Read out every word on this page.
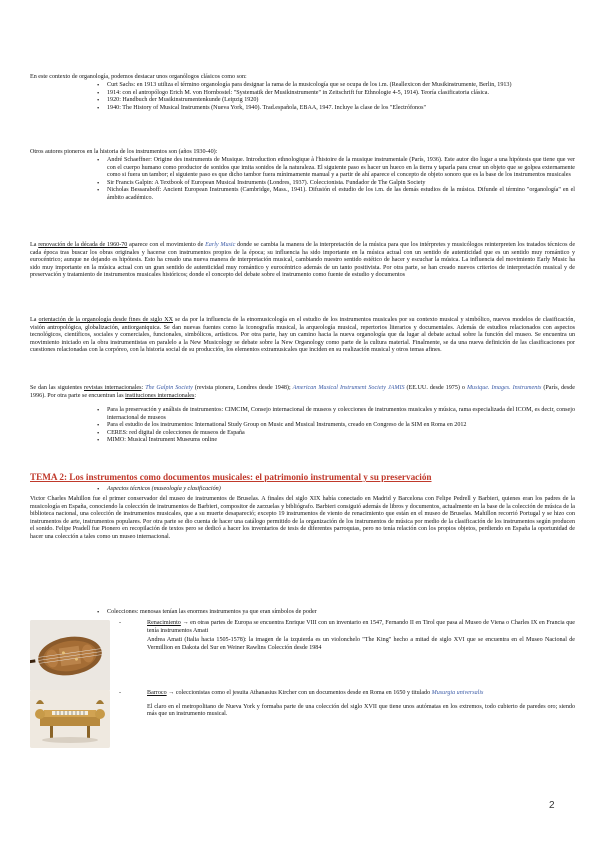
En este contexto de organología, podemos destacar unos organólogos clásicos como son:

• Curt Sachs: en 1913 utiliza el término organología para designar la rama de la musicología que se ocupa de los i.m. (Reallexicon der Musikinstrumente, Berlin, 1913)
• 1914: con el antropólogo Erich M. von Hornbostel: "Systematik der Musikinstrumente" in Zeitschrift fur Ethnologie 4-5, 1914). Teoría clasificatoria clásica.
• 1920: Handbuch der Musikinstrumentenkunde (Leipzig 1920)
• 1940: The History of Musical Instruments (Nueva York, 1940). Trad.española, EBAA, 1947. Incluye la clase de los "Electrófonos"

Otros autores pioneros en la historia de los instrumentos son (años 1930-40):

• André Schaeffner: Origine des instruments de Musique. Introduction ethnologique à l'histoire de la musique instrumentale (París, 1936). Este autor dio lugar a una hipótesis que tiene que ver con el cuerpo humano como productor de sonidos que imita sonidos de la naturaleza. El siguiente paso es hacer un hueco en la tierra y taparla para crear un objeto que se golpea externamente como si fuera un tambor; el siguiente paso es que dicho tambor fuera mínimamente manual y a partir de ahí aparece el concepto de objeto sonoro que es la base de los instrumentos musicales
• Sir Francis Galpin: A Textbook of European Musical Instruments (Londres, 1937). Coleccionista. Fundador de The Galpin Society
• Nicholas Bessaraboff: Ancient European Instruments (Cambridge, Mass., 1941). Difusión el estudio de los i.m. de las demás estudios de la música. Difunde el término "organología" en el ámbito académico.

La renovación de la década de 1960-70 aparece con el movimiento de Early Music donde se cambia la manera de la interpretación de la música para que los intérpretes y musicólogos reinterpreten los tratados técnicos de cada época tras buscar los obras originales y hacerse con instrumentos propios de la época; su influencia ha sido importante en la música actual con un sentido de autenticidad que es un sentido muy romántico y eurocéntrico; aunque ne dejando es hipótesis. Esto ha creado una nueva manera de interpretación musical, cambiando nuestro sentido estético de hacer y escuchar la música. La influencia del movimiento Early Music ha sido muy importante en la música actual con un gran sentido de autenticidad muy romántico y eurocéntrico además de un tanto positivista. Por otra parte, se han creado nuevos criterios de interpretación musical y de preservación y tratamiento de instrumentos musicales históricos; donde el concepto del debate sobre el instrumento como fuente de estudio y documentos

La orientación de la organología desde fines de siglo XX se da por la influencia de la etnomusicología en el estudio de los instrumentos musicales por su contexto musical y simbólico, nuevos modelos de clasificación, visión antropológica, globalización, antiorganiquica. Se dan nuevas fuentes como la iconografía musical, la arqueología musical, repertorios literarios y documentales. Además de estudios relacionados con aspectos tecnológicos, científicos, sociales y comerciales, funcionales, simbólicos, artísticos. Por otra parte, hay un camino hacia la nueva organología que da lugar al debate actual sobre la función del museo. Se encuentra un movimiento iniciado en la obra instrumentistas en paralelo a la New Musicology se debate sobre la New Organology como parte de la cultura material. Finalmente, se da una nueva definición de las clasificaciones por cuestiones relacionadas con la corpóreo, con la historia social de su producción, los elementos extramusicales que inciden en su realización musical y otros temas afines.

Se dan las siguientes revistas internacionales: The Galpin Society (revista pionera, Londres desde 1948); American Musical Instrument Society JAMIS (EE.UU. desde 1975) o Musique. Images. Instruments (París, desde 1996). Por otra parte se encuentran las instituciones internacionales:

• Para la preservación y análisis de instrumentos: CIMCIM, Consejo internacional de museos y colecciones de instrumentos musicales y música, rama especializada del ICOM, es decir, consejo internacional de museos
• Para el estudio de los instrumentos: International Study Group on Music and Musical Instruments, creado en Congreso de la SIM en Roma en 2012
• CERES: red digital de colecciones de museos de España
• MIMO: Musical Instrument Museums online
TEMA 2: Los instrumentos como documentos musicales: el patrimonio instrumental y su preservación
• Aspectos técnicos (museología y clasificación)

Victor Charles Mahillon fue el primer conservador del museo de instrumentos de Bruselas. A finales del siglo XIX había conectado en Madrid y Barcelona con Felipe Pedrell y Barbieri, quienes eran los padres de la musicología en España, conociendo la colección de instrumentos de Barbieri, compositor de zarzuelas y bibliógrafo. Barbieri consiguió además de libros y documentos, actualmente en la base de la colección de música de la biblioteca nacional, una colección de instrumentos musicales, que a su muerte desapareció; excepto 19 instrumentos de viento de renacimiento que están en el museo de Bruselas. Mahillon recorrió Portugal y se hizo con instrumentos de arte, instrumentos populares. Por otra parte se dio cuenta de hacer una catálogo permitido de la organización de los instrumentos de música por medio de la clasificación de los instrumentos según producen el sonido. Felipe Pradell fue Pionero en recopilación de textos pero se dedicó a hacer los inventarios de tesis de diferentes parroquias, pero no tenía relación con los propios objetos, perdiendo en España la oportunidad de hacer una colección a tales como un museo internacional.

• Colecciones: menosas tenían las enormes instrumentos ya que eran símbolos de poder

-	Renacimiento → en otras partes de Europa se encuentra Enrique VIII con un inventario en 1547, Fernando II en Tirol que pasa al Museo de Viena o Charles IX en Francia que tenía instrumentos Amati

Andrea Amati (Italia hacia 1505-1578): la imagen de la izquierda es un violonchelo "The King" hecho a mitad de siglo XVI que se encuentra en el Museo Nacional de Vermillion en Dakota del Sur en Weiner Rawlins Colección desde 1984

-	Barroco → coleccionistas como el jesuita Athanasius Kircher con un documentos desde en Roma en 1650 y titulado Musurgia universalis

El claro en el metropolitano de Nueva York y formaba parte de una colección del siglo XVII que tiene unos autómatas en los extremos, todo cubierto de paredes oro; siendo más que un instrumento musical.

2
